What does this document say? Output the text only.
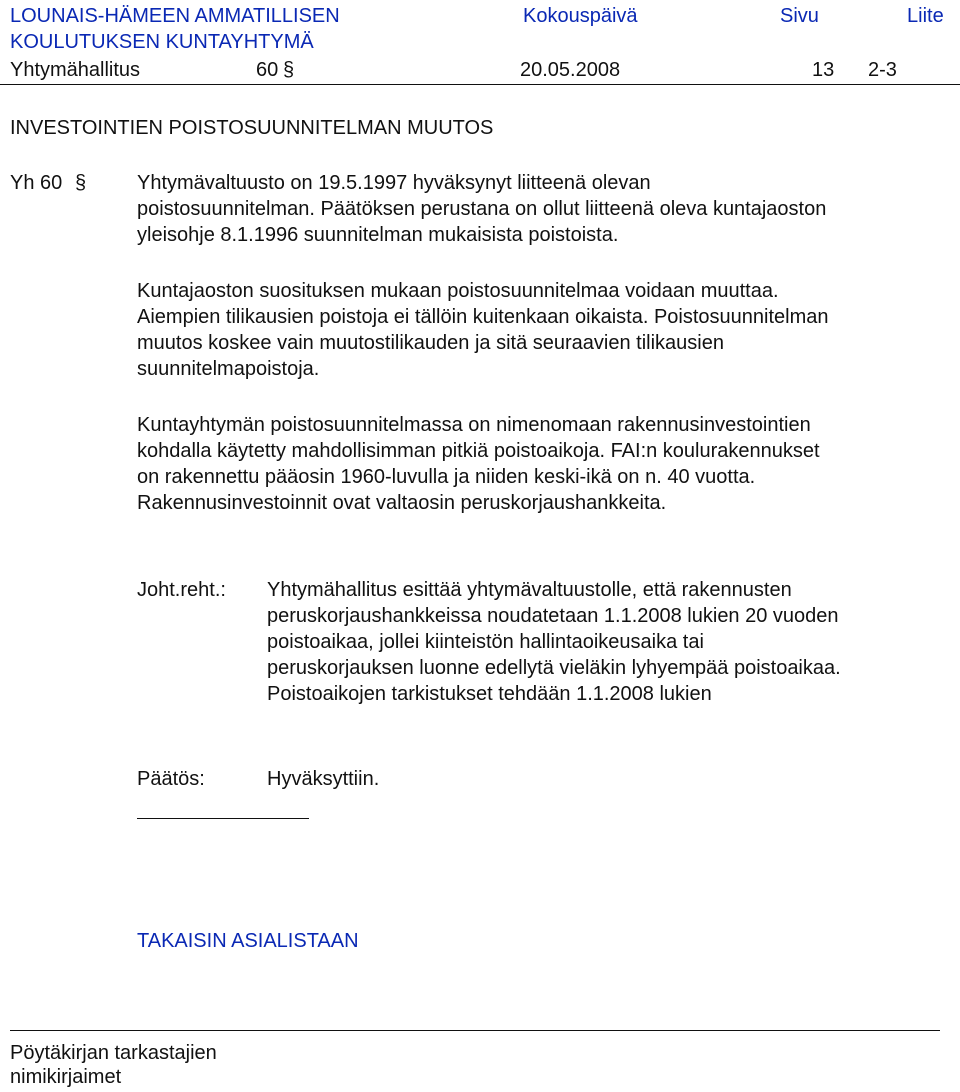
LOUNAIS-HÄMEEN AMMATILLISEN
KOULUTUKSEN KUNTAYHTYMÄ
Kokouspäivä	Sivu	Liite
Yhtymähallitus	60 §	20.05.2008	13 2-3
INVESTOINTIEN POISTOSUUNNITELMAN MUUTOS
Yh 60 §	Yhtymävaltuusto on 19.5.1997 hyväksynyt liitteenä olevan
poistosuunnitelman. Päätöksen perustana on ollut liitteenä oleva kuntajaoston
yleisohje 8.1.1996 suunnitelman mukaisista poistoista.
Kuntajaoston suosituksen mukaan poistosuunnitelmaa voidaan muuttaa.
Aiempien tilikausien poistoja ei tällöin kuitenkaan oikaista. Poistosuunnitelman
muutos koskee vain muutostilikauden ja sitä seuraavien tilikausien
suunnitelmapoistoja.
Kuntayhtymän poistosuunnitelmassa on nimenomaan rakennusinvestointien
kohdalla käytetty mahdollisimman pitkiä poistoaikoja. FAI:n koulurakennukset
on rakennettu pääosin 1960-luvulla ja niiden keski-ikä on n. 40 vuotta.
Rakennusinvestoinnit ovat valtaosin peruskorjaushankkeita.
Joht.reht.: Yhtymähallitus esittää yhtymävaltuustolle, että rakennusten
peruskorjaushankkeissa noudatetaan 1.1.2008 lukien 20 vuoden
poistoaikaa, jollei kiinteistön hallintaoikeusaika tai
peruskorjauksen luonne edellytä vieläkin lyhyempää poistoaikaa.
Poistoaikojen tarkistukset tehdään 1.1.2008 lukien
Päätös:	Hyväksyttiin.
TAKAISIN ASIALISTAAN
Pöytäkirjan tarkastajien
nimikirjaimet
